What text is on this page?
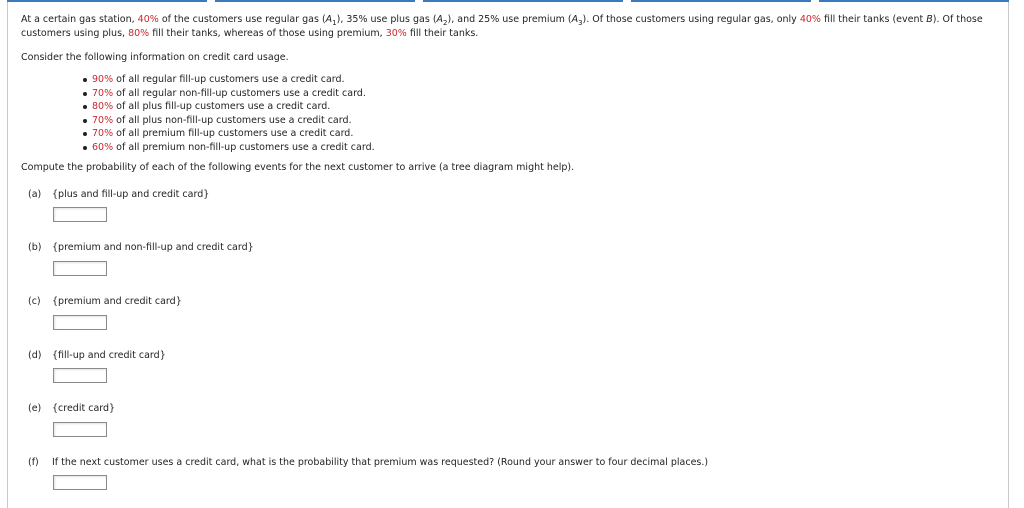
At a certain gas station, 40% of the customers use regular gas $(A_1)$, 35% use plus gas $(A_2)$, and 25% use premium $(A_3)$. Of those customers using regular gas, only 40% fill their tanks (event B). Of those customers using plus, 80% fill their tanks, whereas of those using premium, 30% fill their tanks.

Consider the following information on credit card usage.
90% of all regular fill-up customers use a credit card.
70% of all regular non-fill-up customers use a credit card.
80% of all plus fill-up customers use a credit card.
70% of all plus non-fill-up customers use a credit card.
70% of all premium fill-up customers use a credit card.
60% of all premium non-fill-up customers use a credit card.
Compute the probability of each of the following events for the next customer to arrive (a tree diagram might help).
(a) {plus and fill-up and credit card}
(b) {premium and non-fill-up and credit card}
(c) {premium and credit card}
(d) {fill-up and credit card}
(e) {credit card}
(f) If the next customer uses a credit card, what is the probability that premium was requested? (Round your answer to four decimal places.)
